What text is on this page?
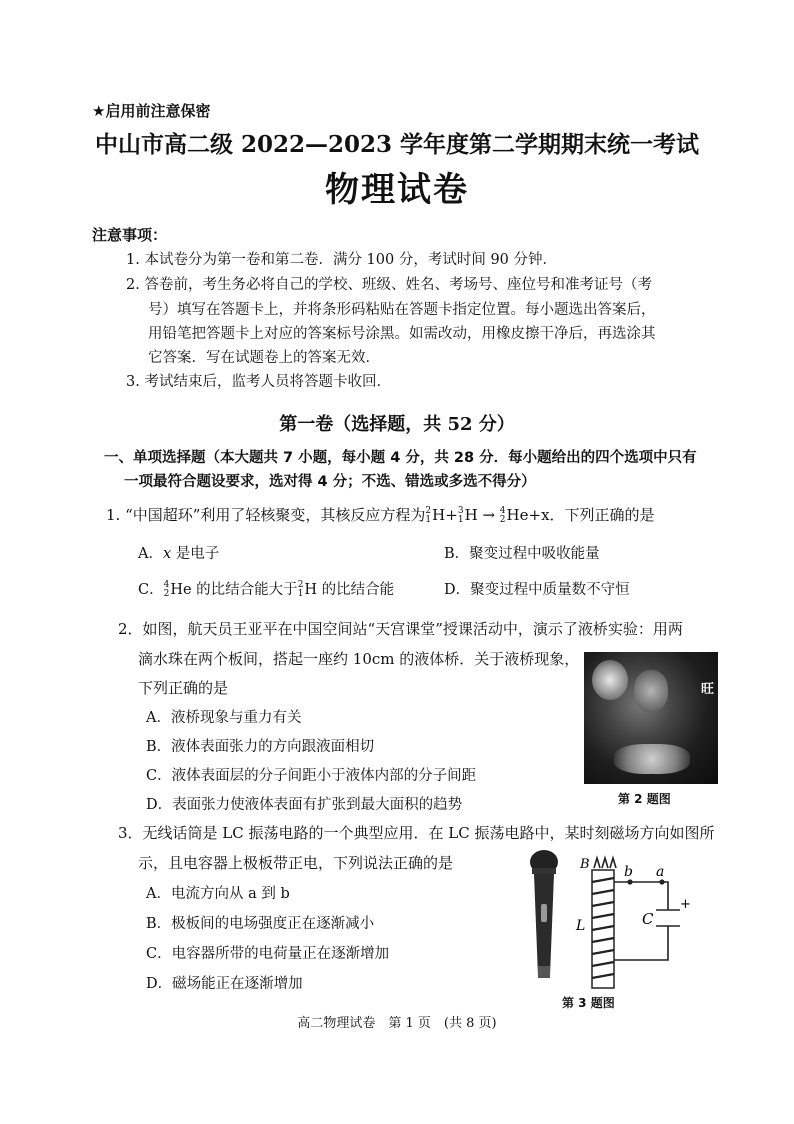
★启用前注意保密
中山市高二级 2022—2023 学年度第二学期期末统一考试
物理试卷
注意事项：
1. 本试卷分为第一卷和第二卷．满分 100 分，考试时间 90 分钟．
2. 答卷前，考生务必将自己的学校、班级、姓名、考场号、座位号和准考证号（考
号）填写在答题卡上，并将条形码粘贴在答题卡指定位置。每小题选出答案后，
用铅笔把答题卡上对应的答案标号涂黑。如需改动，用橡皮擦干净后，再选涂其
它答案．写在试题卷上的答案无效．
3. 考试结束后，监考人员将答题卡收回．
第一卷（选择题，共 52 分）
一、单项选择题（本大题共 7 小题，每小题 4 分，共 28 分．每小题给出的四个选项中只有
一项最符合题设要求，选对得 4 分；不选、错选或多选不得分）
1. “中国超环”利用了轻核聚变，其核反应方程为2
1H+3
1H → 4
2He+x．下列正确的是
A．x 是电子	B．聚变过程中吸收能量
C．4
2He 的比结合能大于2
1H 的比结合能	D．聚变过程中质量数不守恒
2．如图，航天员王亚平在中国空间站“天宫课堂”授课活动中，演示了液桥实验：用两
滴水珠在两个板间，搭起一座约 10cm 的液体桥．关于液桥现象，
下列正确的是
A．液桥现象与重力有关
B．液体表面张力的方向跟液面相切
C．液体表面层的分子间距小于液体内部的分子间距
D．表面张力使液体表面有扩张到最大面积的趋势
旺
第 2 题图
3．无线话筒是 LC 振荡电路的一个典型应用．在 LC 振荡电路中，某时刻磁场方向如图所
示，且电容器上极板带正电，下列说法正确的是
A．电流方向从 a 到 b
B．极板间的电场强度正在逐渐减小
C．电容器所带的电荷量正在逐渐增加
D．磁场能正在逐渐增加
B b a
L	C
+
第 3 题图
高二物理试卷　第 1 页　(共 8 页)
